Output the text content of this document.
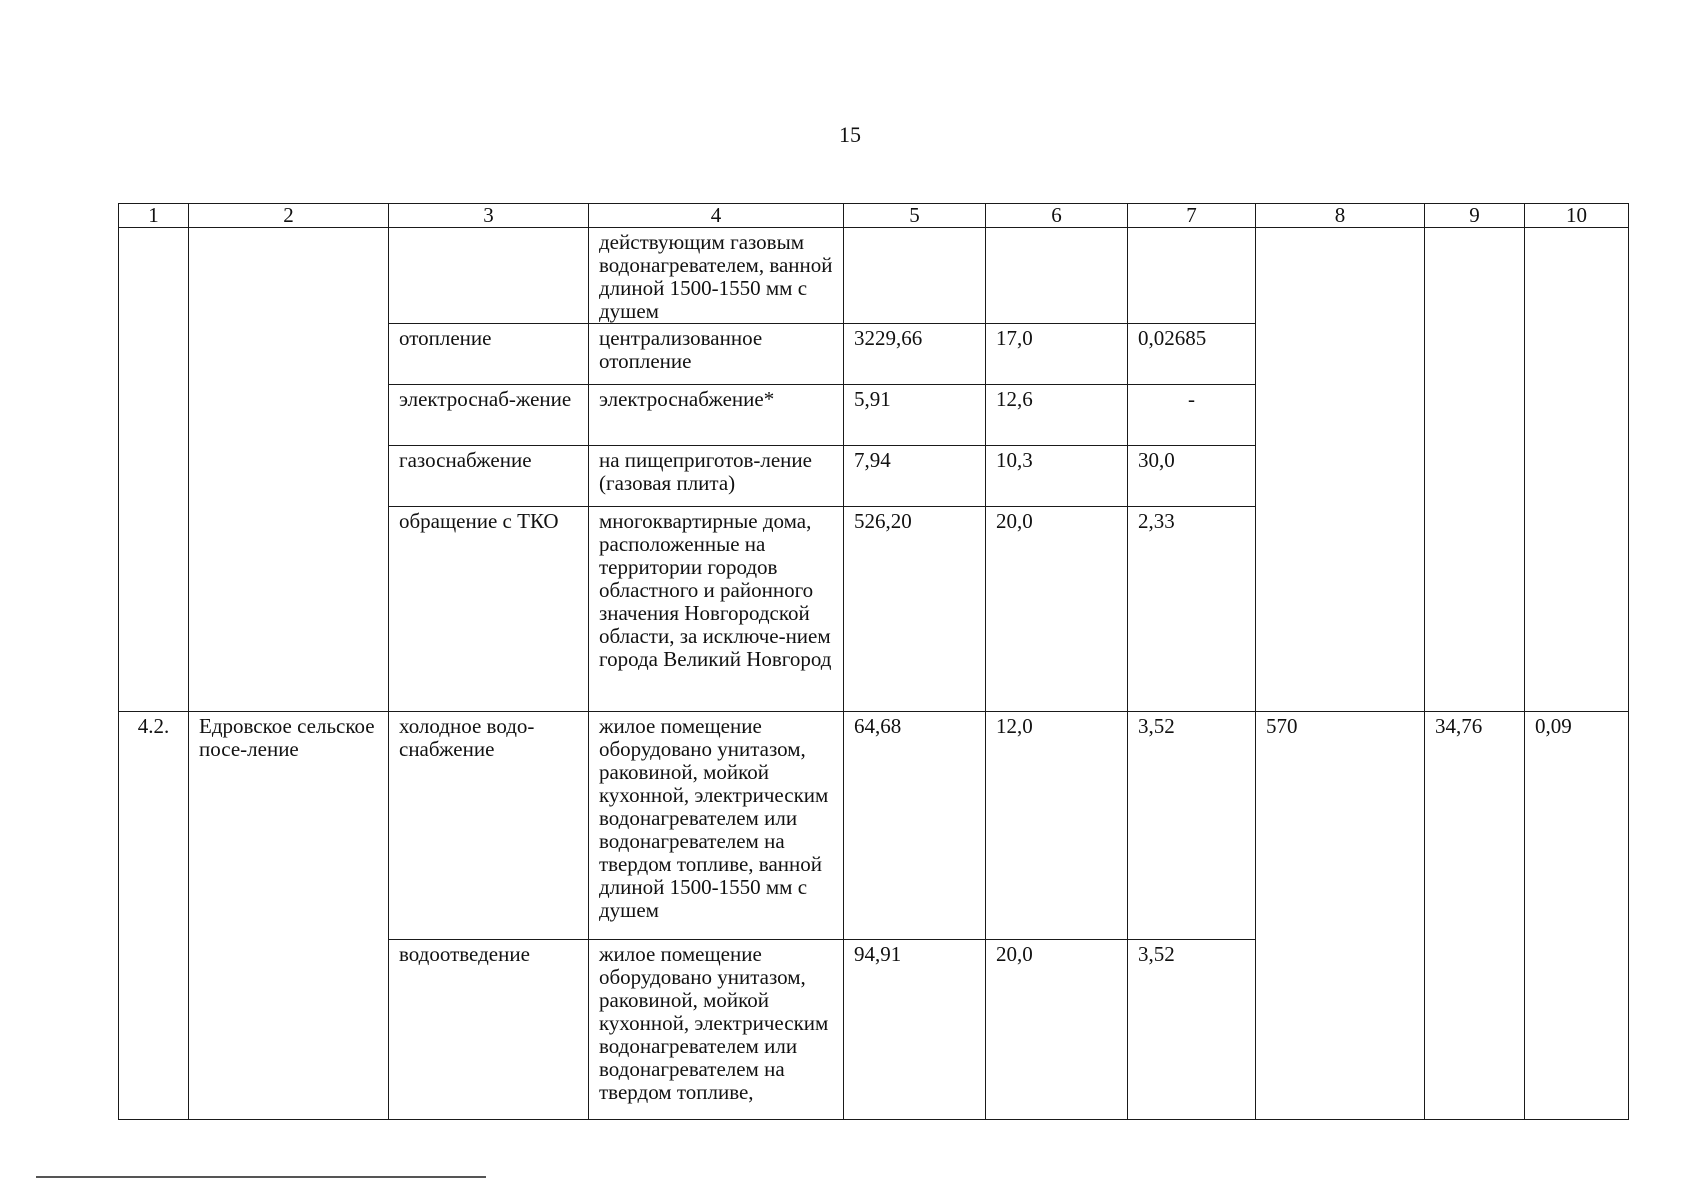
15
1	2	3	4	5	6	7	8	9	10
			действующим газовым водонагревателем, ванной длиной 1500-1550 мм с душем						
		отопление	централизованное отопление	3229,66	17,0	0,02685			
		электроснаб-жение	электроснабжение*	5,91	12,6	-			
		газоснабжение	на пищеприготов-ление (газовая плита)	7,94	10,3	30,0			
		обращение с ТКО	многоквартирные дома, расположенные на территории городов областного и районного значения Новгородской области, за исключе-нием города Великий Новгород	526,20	20,0	2,33			
4.2.	Едровское сельское посе-ление	холодное водо-снабжение	жилое помещение оборудовано унитазом, раковиной, мойкой кухонной, электрическим водонагревателем или водонагревателем на твердом топливе, ванной длиной 1500-1550 мм с душем	64,68	12,0	3,52	570	34,76	0,09
		водоотведение	жилое помещение оборудовано унитазом, раковиной, мойкой кухонной, электрическим водонагревателем или водонагревателем на твердом топливе,	94,91	20,0	3,52			
